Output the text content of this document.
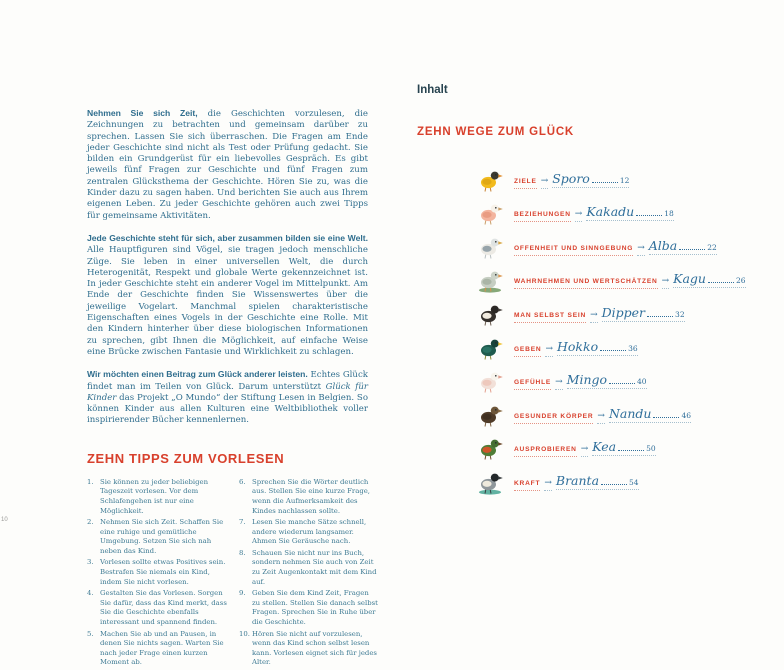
Nehmen Sie sich Zeit, die Geschichten vorzulesen, die Zeichnungen zu betrachten und gemeinsam darüber zu sprechen. Lassen Sie sich überraschen. Die Fragen am Ende jeder Geschichte sind nicht als Test oder Prüfung gedacht. Sie bilden ein Grundgerüst für ein liebevolles Gespräch. Es gibt jeweils fünf Fragen zur Geschichte und fünf Fragen zum zentralen Glücksthema der Geschichte. Hören Sie zu, was die Kinder dazu zu sagen haben. Und berichten Sie auch aus Ihrem eigenen Leben. Zu jeder Geschichte gehören auch zwei Tipps für gemeinsame Aktivitäten.

Jede Geschichte steht für sich, aber zusammen bilden sie eine Welt. Alle Hauptfiguren sind Vögel, sie tragen jedoch menschliche Züge. Sie leben in einer universellen Welt, die durch Heterogenität, Respekt und globale Werte gekennzeichnet ist. In jeder Geschichte steht ein anderer Vogel im Mittelpunkt. Am Ende der Geschichte finden Sie Wissenswertes über die jeweilige Vogelart. Manchmal spielen charakteristische Eigenschaften eines Vogels in der Geschichte eine Rolle. Mit den Kindern hinterher über diese biologischen Informationen zu sprechen, gibt Ihnen die Möglichkeit, auf einfache Weise eine Brücke zwischen Fantasie und Wirklichkeit zu schlagen.

Wir möchten einen Beitrag zum Glück anderer leisten. Echtes Glück findet man im Teilen von Glück. Darum unterstützt Glück für Kinder das Projekt „O Mundo“ der Stiftung Lesen in Belgien. So können Kinder aus allen Kulturen eine Weltbibliothek voller inspirierender Bücher kennenlernen.

ZEHN TIPPS ZUM VORLESEN
1. Sie können zu jeder beliebigen Tageszeit vorlesen. Vor dem Schlafengehen ist nur eine Möglichkeit.
2. Nehmen Sie sich Zeit. Schaffen Sie eine ruhige und gemütliche Umgebung. Setzen Sie sich nah neben das Kind.
3. Vorlesen sollte etwas Positives sein. Bestrafen Sie niemals ein Kind, indem Sie nicht vorlesen.
4. Gestalten Sie das Vorlesen. Sorgen Sie dafür, dass das Kind merkt, dass Sie die Geschichte ebenfalls interessant und spannend finden.
5. Machen Sie ab und an Pausen, in denen Sie nichts sagen. Warten Sie nach jeder Frage einen kurzen Moment ab.
6. Sprechen Sie die Wörter deutlich aus. Stellen Sie eine kurze Frage, wenn die Aufmerksamkeit des Kindes nachlassen sollte.
7. Lesen Sie manche Sätze schnell, andere wiederum langsamer. Ahmen Sie Geräusche nach.
8. Schauen Sie nicht nur ins Buch, sondern nehmen Sie auch von Zeit zu Zeit Augenkontakt mit dem Kind auf.
9. Geben Sie dem Kind Zeit, Fragen zu stellen. Stellen Sie danach selbst Fragen. Sprechen Sie in Ruhe über die Geschichte.
10. Hören Sie nicht auf vorzulesen, wenn das Kind schon selbst lesen kann. Vorlesen eignet sich für jedes Alter.
10
Inhalt
ZEHN WEGE ZUM GLÜCK
ZIELE → Sporo	12
BEZIEHUNGEN → Kakadu	18
OFFENHEIT UND SINNGEBUNG → Alba	22
WAHRNEHMEN UND WERTSCHÄTZEN → Kagu	26
MAN SELBST SEIN → Dipper	32
GEBEN → Hokko	36
GEFÜHLE → Mingo	40
GESUNDER KÖRPER → Nandu	46
AUSPROBIEREN → Kea	50
KRAFT → Branta	54
